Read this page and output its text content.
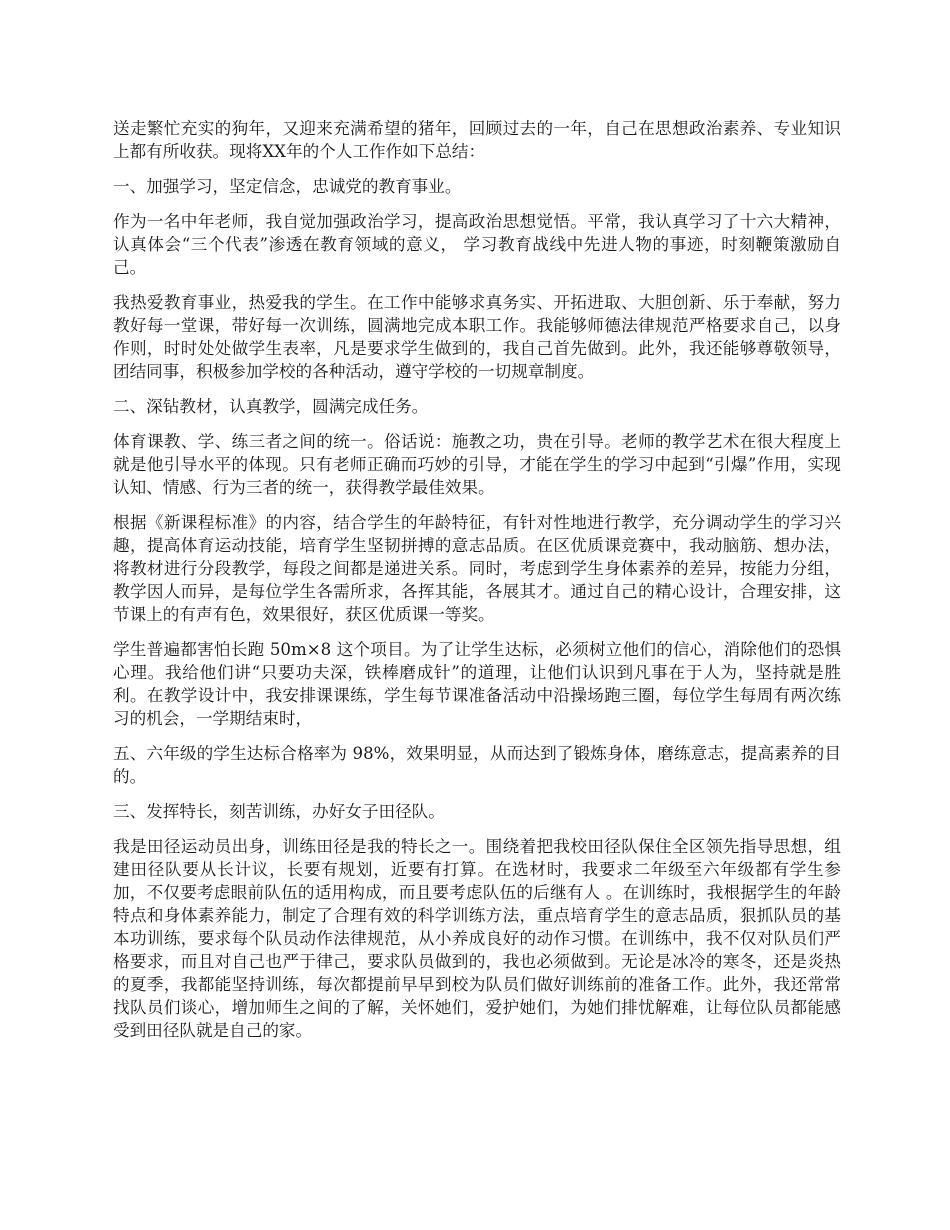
送走繁忙充实的狗年，又迎来充满希望的猪年，回顾过去的一年，自己在思想政治素养、专业知识上都有所收获。现将XX年的个人工作作如下总结：

一、加强学习，坚定信念，忠诚党的教育事业。

作为一名中年老师，我自觉加强政治学习，提高政治思想觉悟。平常，我认真学习了十六大精神，认真体会“三个代表”渗透在教育领域的意义， 学习教育战线中先进人物的事迹，时刻鞭策激励自己。

我热爱教育事业，热爱我的学生。在工作中能够求真务实、开拓进取、大胆创新、乐于奉献，努力教好每一堂课，带好每一次训练，圆满地完成本职工作。我能够师德法律规范严格要求自己，以身作则，时时处处做学生表率，凡是要求学生做到的，我自己首先做到。此外，我还能够尊敬领导，团结同事，积极参加学校的各种活动，遵守学校的一切规章制度。

二、深钻教材，认真教学，圆满完成任务。

体育课教、学、练三者之间的统一。俗话说：施教之功，贵在引导。老师的教学艺术在很大程度上就是他引导水平的体现。只有老师正确而巧妙的引导，才能在学生的学习中起到“引爆”作用，实现认知、情感、行为三者的统一，获得教学最佳效果。

根据《新课程标准》的内容，结合学生的年龄特征，有针对性地进行教学，充分调动学生的学习兴趣，提高体育运动技能，培育学生坚韧拼搏的意志品质。在区优质课竞赛中，我动脑筋、想办法，将教材进行分段教学，每段之间都是递进关系。同时，考虑到学生身体素养的差异，按能力分组，教学因人而异，是每位学生各需所求，各挥其能，各展其才。通过自己的精心设计，合理安排，这节课上的有声有色，效果很好，获区优质课一等奖。

学生普遍都害怕长跑 50m×8 这个项目。为了让学生达标，必须树立他们的信心，消除他们的恐惧心理。我给他们讲“只要功夫深，铁棒磨成针”的道理，让他们认识到凡事在于人为，坚持就是胜利。在教学设计中，我安排课课练，学生每节课准备活动中沿操场跑三圈，每位学生每周有两次练习的机会，一学期结束时，

五、六年级的学生达标合格率为 98%，效果明显，从而达到了锻炼身体，磨练意志，提高素养的目的。

三、发挥特长，刻苦训练，办好女子田径队。

我是田径运动员出身，训练田径是我的特长之一。围绕着把我校田径队保住全区领先指导思想，组建田径队要从长计议，长要有规划，近要有打算。在选材时，我要求二年级至六年级都有学生参加，不仅要考虑眼前队伍的适用构成，而且要考虑队伍的后继有人 。在训练时，我根据学生的年龄特点和身体素养能力，制定了合理有效的科学训练方法，重点培育学生的意志品质，狠抓队员的基本功训练，要求每个队员动作法律规范，从小养成良好的动作习惯。在训练中，我不仅对队员们严格要求，而且对自己也严于律己，要求队员做到的，我也必须做到。无论是冰冷的寒冬，还是炎热的夏季，我都能坚持训练，每次都提前早早到校为队员们做好训练前的准备工作。此外，我还常常找队员们谈心，增加师生之间的了解，关怀她们，爱护她们，为她们排忧解难，让每位队员都能感受到田径队就是自己的家。
